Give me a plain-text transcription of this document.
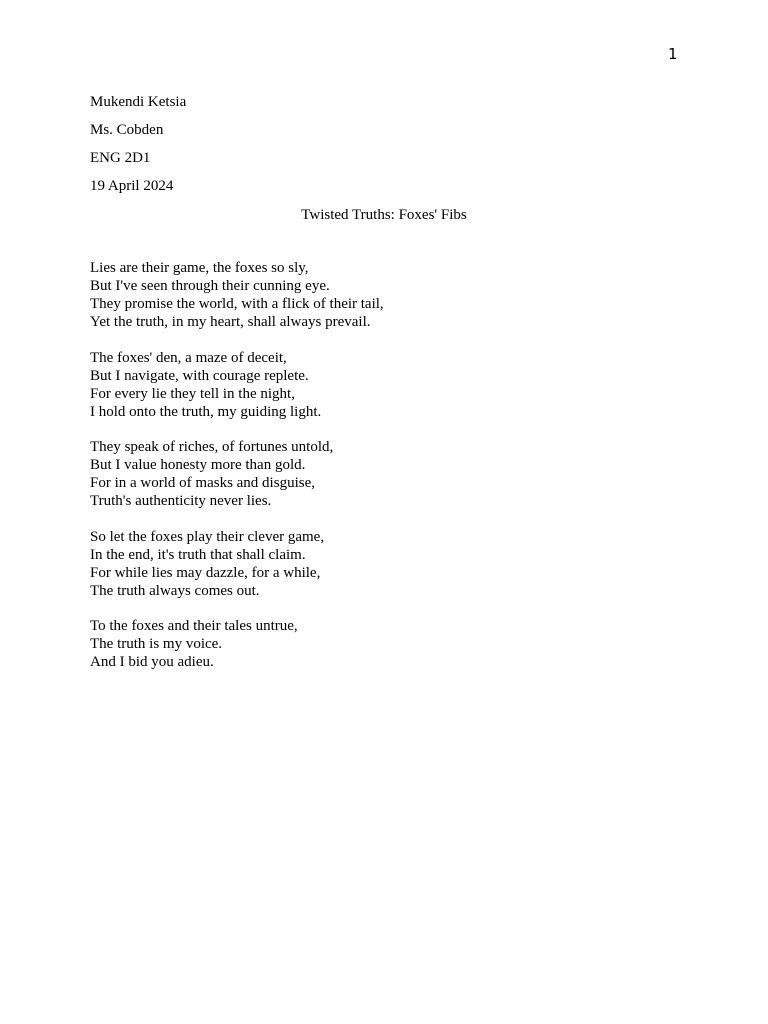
1
Mukendi Ketsia
Ms. Cobden
ENG 2D1
19 April 2024
Twisted Truths: Foxes' Fibs
Lies are their game, the foxes so sly,
But I've seen through their cunning eye.
They promise the world, with a flick of their tail,
Yet the truth, in my heart, shall always prevail.
The foxes' den, a maze of deceit,
But I navigate, with courage replete.
For every lie they tell in the night,
I hold onto the truth, my guiding light.
They speak of riches, of fortunes untold,
But I value honesty more than gold.
For in a world of masks and disguise,
Truth's authenticity never lies.
So let the foxes play their clever game,
In the end, it's truth that shall claim.
For while lies may dazzle, for a while,
The truth always comes out.
To the foxes and their tales untrue,
The truth is my voice.
And I bid you adieu.
